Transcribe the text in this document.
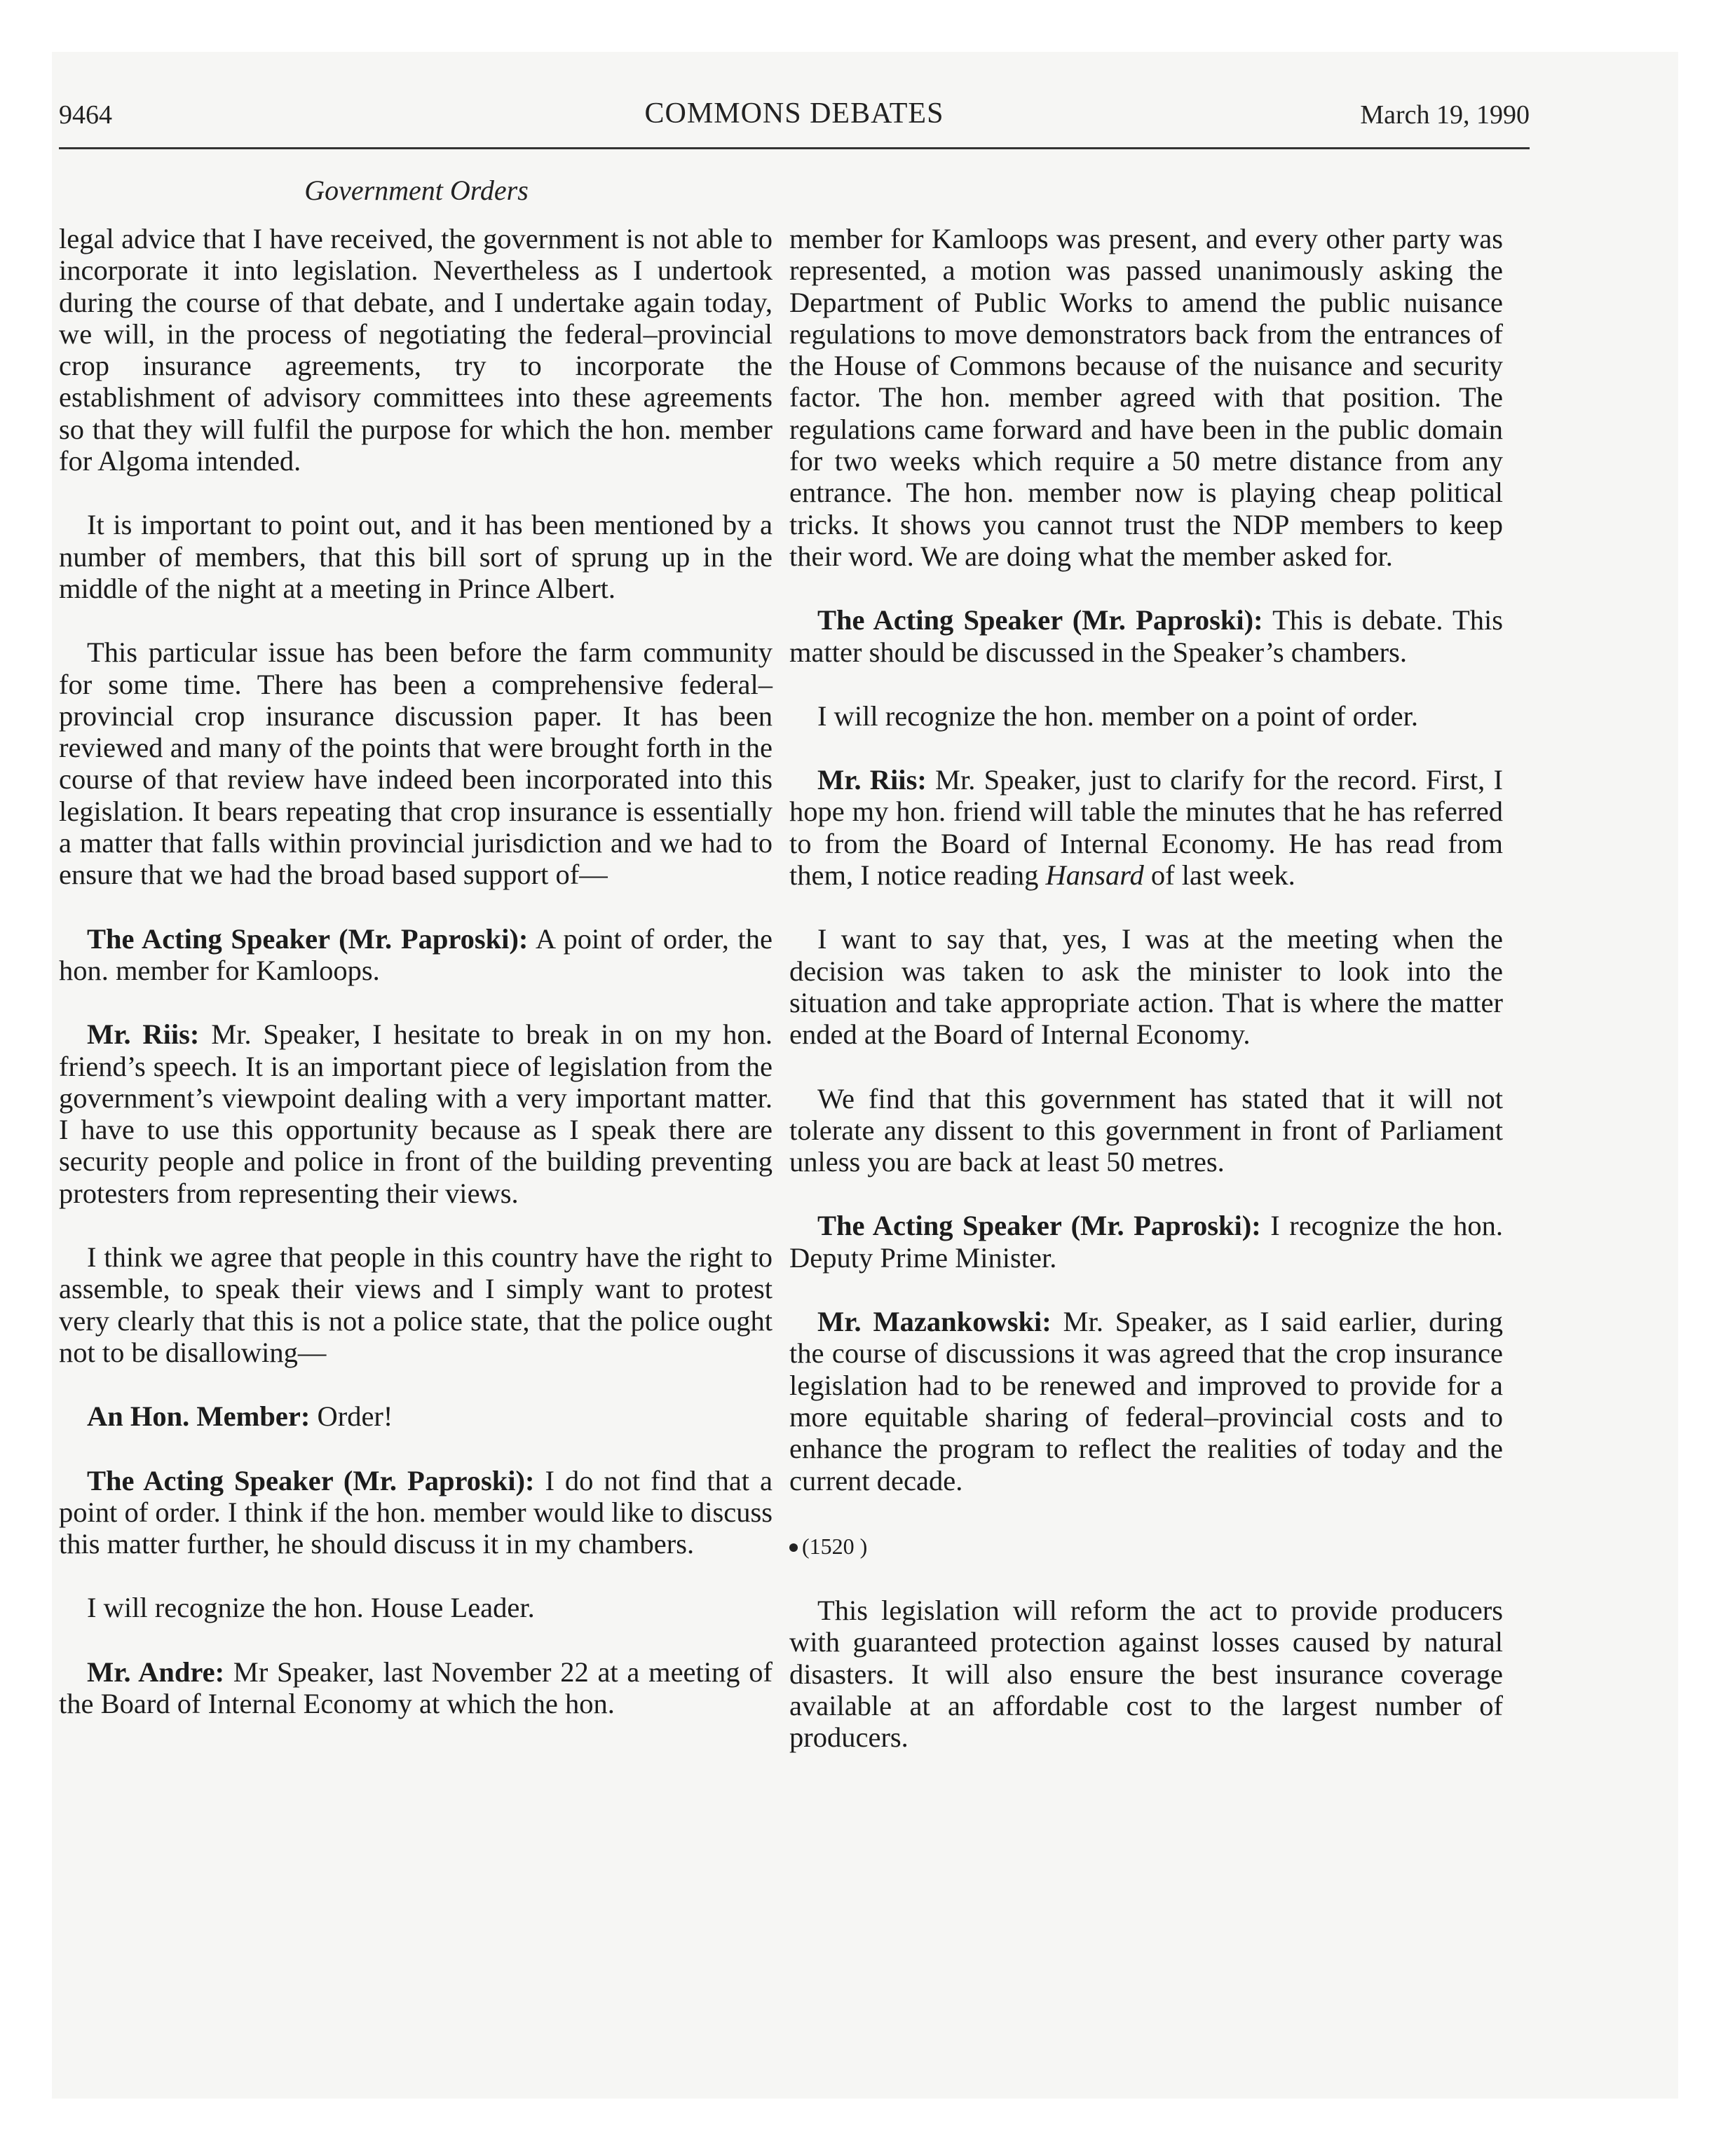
9464	COMMONS DEBATES	March 19, 1990
Government Orders

legal advice that I have received, the government is not able to incorporate it into legislation. Nevertheless as I undertook during the course of that debate, and I undertake again today, we will, in the process of negotiating the federal–provincial crop insurance agreements, try to incorporate the establishment of advisory committees into these agreements so that they will fulfil the purpose for which the hon. member for Algoma intended.

It is important to point out, and it has been mentioned by a number of members, that this bill sort of sprung up in the middle of the night at a meeting in Prince Albert.

This particular issue has been before the farm community for some time. There has been a comprehensive federal–provincial crop insurance discussion paper. It has been reviewed and many of the points that were brought forth in the course of that review have indeed been incorporated into this legislation. It bears repeating that crop insurance is essentially a matter that falls within provincial jurisdiction and we had to ensure that we had the broad based support of—

The Acting Speaker (Mr. Paproski): A point of order, the hon. member for Kamloops.

Mr. Riis: Mr. Speaker, I hesitate to break in on my hon. friend’s speech. It is an important piece of legislation from the government’s viewpoint dealing with a very important matter. I have to use this opportunity because as I speak there are security people and police in front of the building preventing protesters from representing their views.

I think we agree that people in this country have the right to assemble, to speak their views and I simply want to protest very clearly that this is not a police state, that the police ought not to be disallowing—

An Hon. Member: Order!

The Acting Speaker (Mr. Paproski): I do not find that a point of order. I think if the hon. member would like to discuss this matter further, he should discuss it in my chambers.

I will recognize the hon. House Leader.

Mr. Andre: Mr Speaker, last November 22 at a meeting of the Board of Internal Economy at which the hon.

member for Kamloops was present, and every other party was represented, a motion was passed unanimously asking the Department of Public Works to amend the public nuisance regulations to move demonstrators back from the entrances of the House of Commons because of the nuisance and security factor. The hon. member agreed with that position. The regulations came forward and have been in the public domain for two weeks which require a 50 metre distance from any entrance. The hon. member now is playing cheap political tricks. It shows you cannot trust the NDP members to keep their word. We are doing what the member asked for.

The Acting Speaker (Mr. Paproski): This is debate. This matter should be discussed in the Speaker’s chambers.

I will recognize the hon. member on a point of order.

Mr. Riis: Mr. Speaker, just to clarify for the record. First, I hope my hon. friend will table the minutes that he has referred to from the Board of Internal Economy. He has read from them, I notice reading Hansard of last week.

I want to say that, yes, I was at the meeting when the decision was taken to ask the minister to look into the situation and take appropriate action. That is where the matter ended at the Board of Internal Economy.

We find that this government has stated that it will not tolerate any dissent to this government in front of Parliament unless you are back at least 50 metres.

The Acting Speaker (Mr. Paproski): I recognize the hon. Deputy Prime Minister.

Mr. Mazankowski: Mr. Speaker, as I said earlier, during the course of discussions it was agreed that the crop insurance legislation had to be renewed and improved to provide for a more equitable sharing of federal–provincial costs and to enhance the program to reflect the realities of today and the current decade.

(1520 )

This legislation will reform the act to provide producers with guaranteed protection against losses caused by natural disasters. It will also ensure the best insurance coverage available at an affordable cost to the largest number of producers.
